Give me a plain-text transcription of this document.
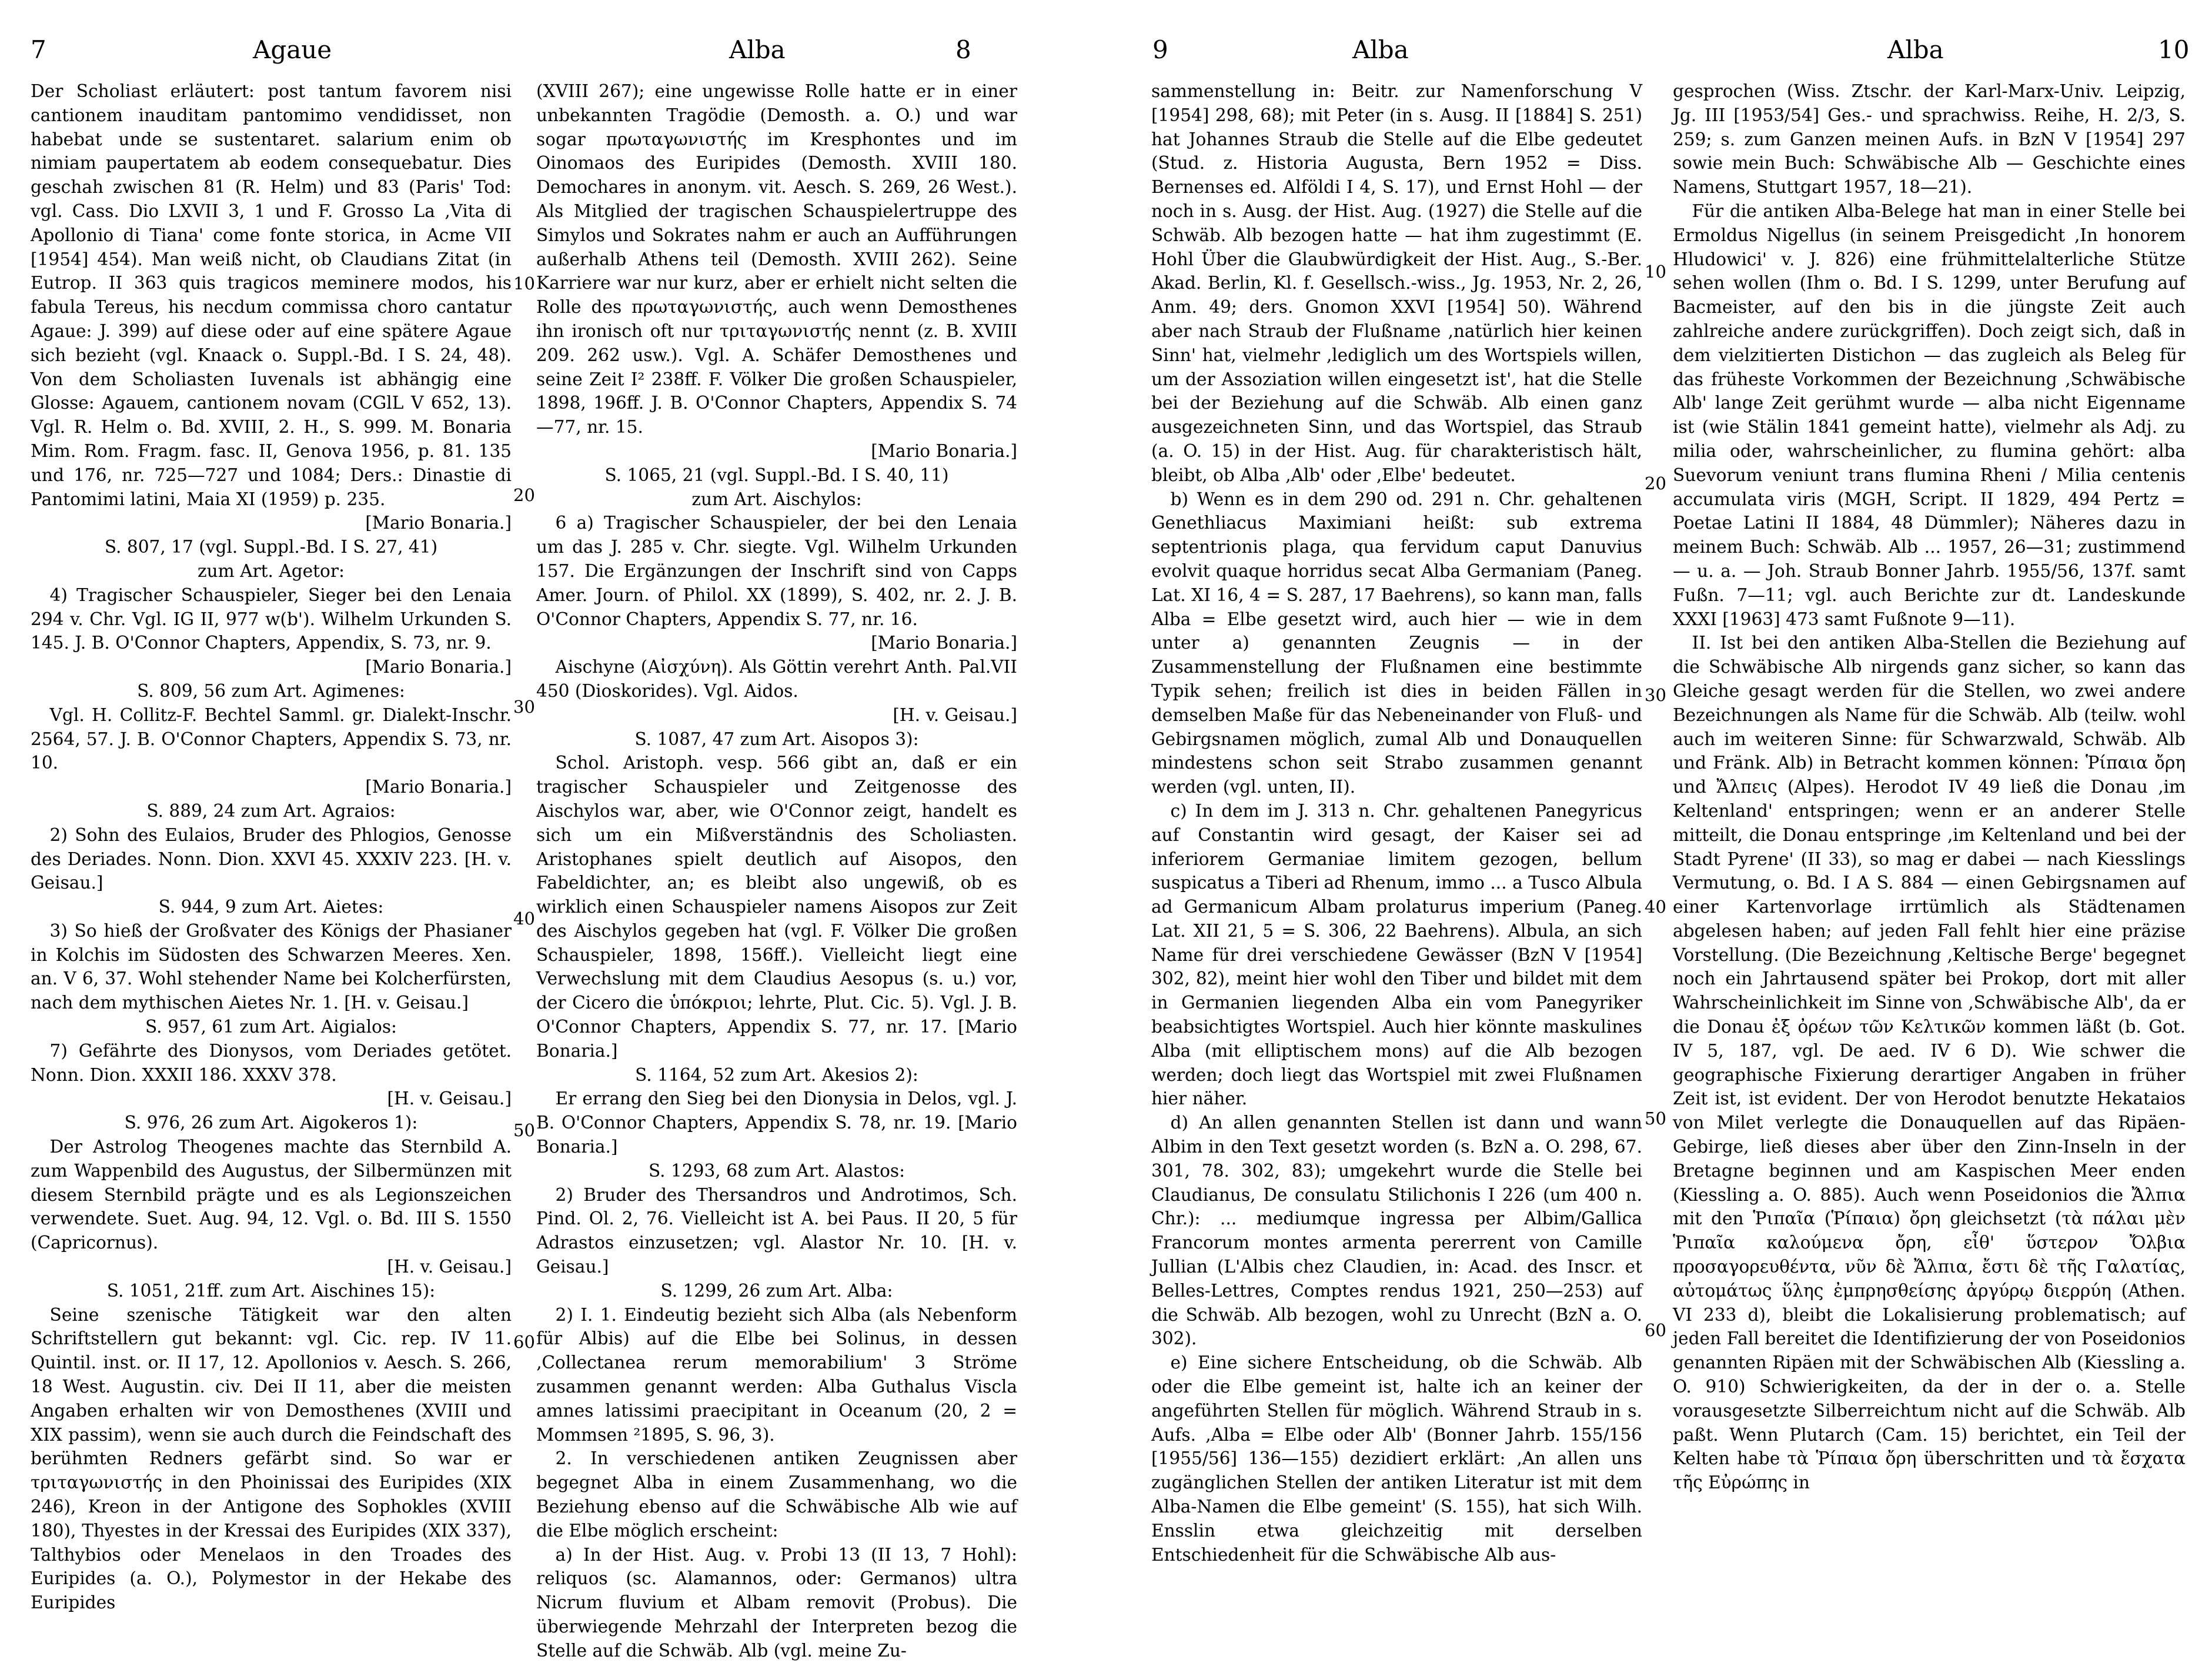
7	Agaue	Alba	8

Der Scholiast erläutert: post tantum favorem nisi cantionem inauditam pantomimo vendidisset, non habebat unde se sustentaret. salarium enim ob nimiam paupertatem ab eodem consequebatur. Dies geschah zwischen 81 (R. Helm) und 83 (Paris' Tod: vgl. Cass. Dio LXVII 3, 1 und F. Grosso La ‚Vita di Apollonio di Tiana' come fonte storica, in Acme VII [1954] 454). Man weiß nicht, ob Claudians Zitat (in Eutrop. II 363 quis tragicos meminere modos, his fabula Tereus, his necdum commissa choro cantatur Agaue: J. 399) auf diese oder auf eine spätere Agaue sich bezieht (vgl. Knaack o. Suppl.-Bd. I S. 24, 48). Von dem Scholiasten Iuvenals ist abhängig eine Glosse: Agauem, cantionem novam (CGlL V 652, 13). Vgl. R. Helm o. Bd. XVIII, 2. H., S. 999. M. Bonaria Mim. Rom. Fragm. fasc. II, Genova 1956, p. 81. 135 und 176, nr. 725—727 und 1084; Ders.: Dinastie di Pantomimi latini, Maia XI (1959) p. 235.

[Mario Bonaria.]

S. 807, 17 (vgl. Suppl.-Bd. I S. 27, 41)

zum Art. Agetor:

4) Tragischer Schauspieler, Sieger bei den Lenaia 294 v. Chr. Vgl. IG II, 977 w(b'). Wilhelm Urkunden S. 145. J. B. O'Connor Chapters, Appendix, S. 73, nr. 9.

[Mario Bonaria.]

S. 809, 56 zum Art. Agimenes:

Vgl. H. Collitz-F. Bechtel Samml. gr. Dialekt-Inschr. 2564, 57. J. B. O'Connor Chapters, Appendix S. 73, nr. 10.

[Mario Bonaria.]

S. 889, 24 zum Art. Agraios:

2) Sohn des Eulaios, Bruder des Phlogios, Genosse des Deriades. Nonn. Dion. XXVI 45. XXXIV 223. [H. v. Geisau.]

S. 944, 9 zum Art. Aietes:

3) So hieß der Großvater des Königs der Phasianer in Kolchis im Südosten des Schwarzen Meeres. Xen. an. V 6, 37. Wohl stehender Name bei Kolcherfürsten, nach dem mythischen Aietes Nr. 1. [H. v. Geisau.]

S. 957, 61 zum Art. Aigialos:

7) Gefährte des Dionysos, vom Deriades getötet. Nonn. Dion. XXXII 186. XXXV 378.

[H. v. Geisau.]

S. 976, 26 zum Art. Aigokeros 1):

Der Astrolog Theogenes machte das Sternbild A. zum Wappenbild des Augustus, der Silbermünzen mit diesem Sternbild prägte und es als Legionszeichen verwendete. Suet. Aug. 94, 12. Vgl. o. Bd. III S. 1550 (Capricornus).

[H. v. Geisau.]

S. 1051, 21ff. zum Art. Aischines 15):

Seine szenische Tätigkeit war den alten Schriftstellern gut bekannt: vgl. Cic. rep. IV 11. Quintil. inst. or. II 17, 12. Apollonios v. Aesch. S. 266, 18 West. Augustin. civ. Dei II 11, aber die meisten Angaben erhalten wir von Demosthenes (XVIII und XIX passim), wenn sie auch durch die Feindschaft des berühmten Redners gefärbt sind. So war er τριταγωνιστής in den Phoinissai des Euripides (XIX 246), Kreon in der Antigone des Sophokles (XVIII 180), Thyestes in der Kressai des Euripides (XIX 337), Talthybios oder Menelaos in den Troades des Euripides (a. O.), Polymestor in der Hekabe des Euripides

10
20
30
40
50
60

(XVIII 267); eine ungewisse Rolle hatte er in einer unbekannten Tragödie (Demosth. a. O.) und war sogar πρωταγωνιστής im Kresphontes und im Oinomaos des Euripides (Demosth. XVIII 180. Demochares in anonym. vit. Aesch. S. 269, 26 West.). Als Mitglied der tragischen Schauspielertruppe des Simylos und Sokrates nahm er auch an Aufführungen außerhalb Athens teil (Demosth. XVIII 262). Seine Karriere war nur kurz, aber er erhielt nicht selten die Rolle des πρωταγωνιστής, auch wenn Demosthenes ihn ironisch oft nur τριταγωνιστής nennt (z. B. XVIII 209. 262 usw.). Vgl. A. Schäfer Demosthenes und seine Zeit I² 238ff. F. Völker Die großen Schauspieler, 1898, 196ff. J. B. O'Connor Chapters, Appendix S. 74—77, nr. 15.

[Mario Bonaria.]

S. 1065, 21 (vgl. Suppl.-Bd. I S. 40, 11)

zum Art. Aischylos:

6 a) Tragischer Schauspieler, der bei den Lenaia um das J. 285 v. Chr. siegte. Vgl. Wilhelm Urkunden 157. Die Ergänzungen der Inschrift sind von Capps Amer. Journ. of Philol. XX (1899), S. 402, nr. 2. J. B. O'Connor Chapters, Appendix S. 77, nr. 16.

[Mario Bonaria.]

Aischyne (Αἰσχύνη). Als Göttin verehrt Anth. Pal.VII 450 (Dioskorides). Vgl. Aidos.

[H. v. Geisau.]

S. 1087, 47 zum Art. Aisopos 3):

Schol. Aristoph. vesp. 566 gibt an, daß er ein tragischer Schauspieler und Zeitgenosse des Aischylos war, aber, wie O'Connor zeigt, handelt es sich um ein Mißverständnis des Scholiasten. Aristophanes spielt deutlich auf Aisopos, den Fabeldichter, an; es bleibt also ungewiß, ob es wirklich einen Schauspieler namens Aisopos zur Zeit des Aischylos gegeben hat (vgl. F. Völker Die großen Schauspieler, 1898, 156ff.). Vielleicht liegt eine Verwechslung mit dem Claudius Aesopus (s. u.) vor, der Cicero die ὑπόκριοι; lehrte, Plut. Cic. 5). Vgl. J. B. O'Connor Chapters, Appendix S. 77, nr. 17. [Mario Bonaria.]

S. 1164, 52 zum Art. Akesios 2):

Er errang den Sieg bei den Dionysia in Delos, vgl. J. B. O'Connor Chapters, Appendix S. 78, nr. 19. [Mario Bonaria.]

S. 1293, 68 zum Art. Alastos:

2) Bruder des Thersandros und Androtimos, Sch. Pind. Ol. 2, 76. Vielleicht ist A. bei Paus. II 20, 5 für Adrastos einzusetzen; vgl. Alastor Nr. 10. [H. v. Geisau.]

S. 1299, 26 zum Art. Alba:

2) I. 1. Eindeutig bezieht sich Alba (als Nebenform für Albis) auf die Elbe bei Solinus, in dessen ‚Collectanea rerum memorabilium' 3 Ströme zusammen genannt werden: Alba Guthalus Viscla amnes latissimi praecipitant in Oceanum (20, 2 = Mommsen ²1895, S. 96, 3).

2. In verschiedenen antiken Zeugnissen aber begegnet Alba in einem Zusammenhang, wo die Beziehung ebenso auf die Schwäbische Alb wie auf die Elbe möglich erscheint:

a) In der Hist. Aug. v. Probi 13 (II 13, 7 Hohl): reliquos (sc. Alamannos, oder: Germanos) ultra Nicrum fluvium et Albam removit (Probus). Die überwiegende Mehrzahl der Interpreten bezog die Stelle auf die Schwäb. Alb (vgl. meine Zu-

9	Alba	Alba	10

sammenstellung in: Beitr. zur Namenforschung V [1954] 298, 68); mit Peter (in s. Ausg. II [1884] S. 251) hat Johannes Straub die Stelle auf die Elbe gedeutet (Stud. z. Historia Augusta, Bern 1952 = Diss. Bernenses ed. Alföldi I 4, S. 17), und Ernst Hohl — der noch in s. Ausg. der Hist. Aug. (1927) die Stelle auf die Schwäb. Alb bezogen hatte — hat ihm zugestimmt (E. Hohl Über die Glaubwürdigkeit der Hist. Aug., S.-Ber. Akad. Berlin, Kl. f. Gesellsch.-wiss., Jg. 1953, Nr. 2, 26, Anm. 49; ders. Gnomon XXVI [1954] 50). Während aber nach Straub der Flußname ‚natürlich hier keinen Sinn' hat, vielmehr ‚lediglich um des Wortspiels willen, um der Assoziation willen eingesetzt ist', hat die Stelle bei der Beziehung auf die Schwäb. Alb einen ganz ausgezeichneten Sinn, und das Wortspiel, das Straub (a. O. 15) in der Hist. Aug. für charakteristisch hält, bleibt, ob Alba ‚Alb' oder ‚Elbe' bedeutet.

b) Wenn es in dem 290 od. 291 n. Chr. gehaltenen Genethliacus Maximiani heißt: sub extrema septentrionis plaga, qua fervidum caput Danuvius evolvit quaque horridus secat Alba Germaniam (Paneg. Lat. XI 16, 4 = S. 287, 17 Baehrens), so kann man, falls Alba = Elbe gesetzt wird, auch hier — wie in dem unter a) genannten Zeugnis — in der Zusammenstellung der Flußnamen eine bestimmte Typik sehen; freilich ist dies in beiden Fällen in demselben Maße für das Nebeneinander von Fluß- und Gebirgsnamen möglich, zumal Alb und Donauquellen mindestens schon seit Strabo zusammen genannt werden (vgl. unten, II).

c) In dem im J. 313 n. Chr. gehaltenen Panegyricus auf Constantin wird gesagt, der Kaiser sei ad inferiorem Germaniae limitem gezogen, bellum suspicatus a Tiberi ad Rhenum, immo ... a Tusco Albula ad Germanicum Albam prolaturus imperium (Paneg. Lat. XII 21, 5 = S. 306, 22 Baehrens). Albula, an sich Name für drei verschiedene Gewässer (BzN V [1954] 302, 82), meint hier wohl den Tiber und bildet mit dem in Germanien liegenden Alba ein vom Panegyriker beabsichtigtes Wortspiel. Auch hier könnte maskulines Alba (mit elliptischem mons) auf die Alb bezogen werden; doch liegt das Wortspiel mit zwei Flußnamen hier näher.

d) An allen genannten Stellen ist dann und wann Albim in den Text gesetzt worden (s. BzN a. O. 298, 67. 301, 78. 302, 83); umgekehrt wurde die Stelle bei Claudianus, De consulatu Stilichonis I 226 (um 400 n. Chr.): ... mediumque ingressa per Albim/Gallica Francorum montes armenta pererrent von Camille Jullian (L'Albis chez Claudien, in: Acad. des Inscr. et Belles-Lettres, Comptes rendus 1921, 250—253) auf die Schwäb. Alb bezogen, wohl zu Unrecht (BzN a. O. 302).

e) Eine sichere Entscheidung, ob die Schwäb. Alb oder die Elbe gemeint ist, halte ich an keiner der angeführten Stellen für möglich. Während Straub in s. Aufs. ‚Alba = Elbe oder Alb' (Bonner Jahrb. 155/156 [1955/56] 136—155) dezidiert erklärt: ‚An allen uns zugänglichen Stellen der antiken Literatur ist mit dem Alba-Namen die Elbe gemeint' (S. 155), hat sich Wilh. Ensslin etwa gleichzeitig mit derselben Entschiedenheit für die Schwäbische Alb aus-

10
20
30
40
50
60

gesprochen (Wiss. Ztschr. der Karl-Marx-Univ. Leipzig, Jg. III [1953/54] Ges.- und sprachwiss. Reihe, H. 2/3, S. 259; s. zum Ganzen meinen Aufs. in BzN V [1954] 297 sowie mein Buch: Schwäbische Alb — Geschichte eines Namens, Stuttgart 1957, 18—21).

Für die antiken Alba-Belege hat man in einer Stelle bei Ermoldus Nigellus (in seinem Preisgedicht ‚In honorem Hludowici' v. J. 826) eine frühmittelalterliche Stütze sehen wollen (Ihm o. Bd. I S. 1299, unter Berufung auf Bacmeister, auf den bis in die jüngste Zeit auch zahlreiche andere zurückgriffen). Doch zeigt sich, daß in dem vielzitierten Distichon — das zugleich als Beleg für das früheste Vorkommen der Bezeichnung ‚Schwäbische Alb' lange Zeit gerühmt wurde — alba nicht Eigenname ist (wie Stälin 1841 gemeint hatte), vielmehr als Adj. zu milia oder, wahrscheinlicher, zu flumina gehört: alba Suevorum veniunt trans flumina Rheni / Milia centenis accumulata viris (MGH, Script. II 1829, 494 Pertz = Poetae Latini II 1884, 48 Dümmler); Näheres dazu in meinem Buch: Schwäb. Alb ... 1957, 26—31; zustimmend — u. a. — Joh. Straub Bonner Jahrb. 1955/56, 137f. samt Fußn. 7—11; vgl. auch Berichte zur dt. Landeskunde XXXI [1963] 473 samt Fußnote 9—11).

II. Ist bei den antiken Alba-Stellen die Beziehung auf die Schwäbische Alb nirgends ganz sicher, so kann das Gleiche gesagt werden für die Stellen, wo zwei andere Bezeichnungen als Name für die Schwäb. Alb (teilw. wohl auch im weiteren Sinne: für Schwarzwald, Schwäb. Alb und Fränk. Alb) in Betracht kommen können: Ῥίπαια ὄρη und Ἄλπεις (Alpes). Herodot IV 49 ließ die Donau ‚im Keltenland' entspringen; wenn er an anderer Stelle mitteilt, die Donau entspringe ‚im Keltenland und bei der Stadt Pyrene' (II 33), so mag er dabei — nach Kiesslings Vermutung, o. Bd. I A S. 884 — einen Gebirgsnamen auf einer Kartenvorlage irrtümlich als Städtenamen abgelesen haben; auf jeden Fall fehlt hier eine präzise Vorstellung. (Die Bezeichnung ‚Keltische Berge' begegnet noch ein Jahrtausend später bei Prokop, dort mit aller Wahrscheinlichkeit im Sinne von ‚Schwäbische Alb', da er die Donau ἐξ ὀρέων τῶν Κελτικῶν kommen läßt (b. Got. IV 5, 187, vgl. De aed. IV 6 D). Wie schwer die geographische Fixierung derartiger Angaben in früher Zeit ist, ist evident. Der von Herodot benutzte Hekataios von Milet verlegte die Donauquellen auf das Ripäen-Gebirge, ließ dieses aber über den Zinn-Inseln in der Bretagne beginnen und am Kaspischen Meer enden (Kiessling a. O. 885). Auch wenn Poseidonios die Ἄλπια mit den Ῥιπαῖα (Ῥίπαια) ὄρη gleichsetzt (τὰ πάλαι μὲν Ῥιπαῖα καλούμενα ὄρη, εἶθ' ὕστερον Ὄλβια προσαγορευθέντα, νῦν δὲ Ἄλπια, ἔστι δὲ τῆς Γαλατίας, αὐτομάτως ὕλης ἐμπρησθείσης ἀργύρῳ διερρύη (Athen. VI 233 d), bleibt die Lokalisierung problematisch; auf jeden Fall bereitet die Identifizierung der von Poseidonios genannten Ripäen mit der Schwäbischen Alb (Kiessling a. O. 910) Schwierigkeiten, da der in der o. a. Stelle vorausgesetzte Silberreichtum nicht auf die Schwäb. Alb paßt. Wenn Plutarch (Cam. 15) berichtet, ein Teil der Kelten habe τὰ Ῥίπαια ὄρη überschritten und τὰ ἔσχατα τῆς Εὐρώπης in
